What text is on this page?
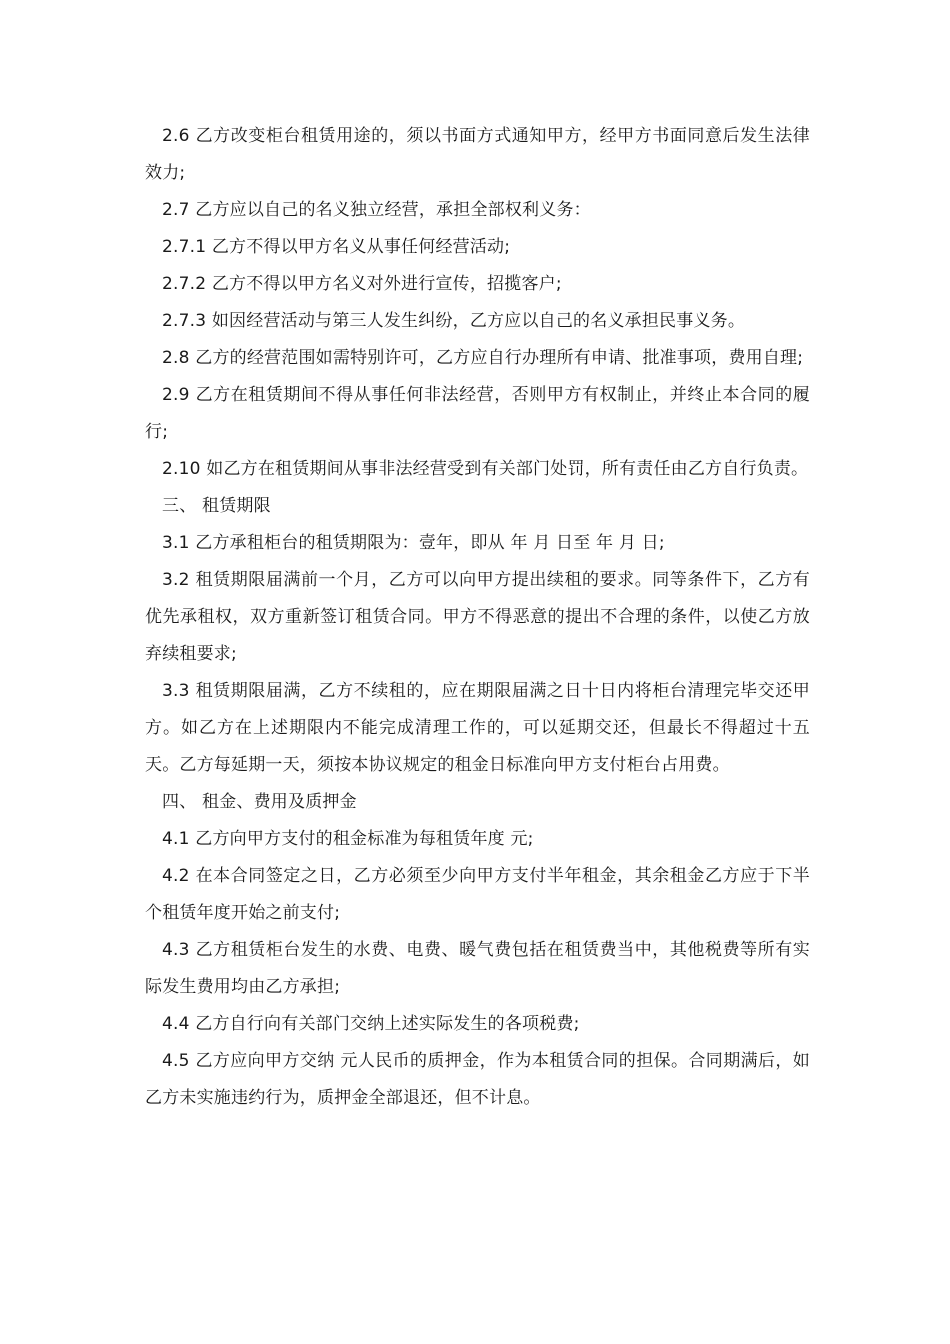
2.6 乙方改变柜台租赁用途的，须以书面方式通知甲方，经甲方书面同意后发生法律效力;

2.7 乙方应以自己的名义独立经营，承担全部权利义务：

2.7.1 乙方不得以甲方名义从事任何经营活动;

2.7.2 乙方不得以甲方名义对外进行宣传，招揽客户;

2.7.3 如因经营活动与第三人发生纠纷，乙方应以自己的名义承担民事义务。

2.8 乙方的经营范围如需特别许可，乙方应自行办理所有申请、批准事项，费用自理;

2.9 乙方在租赁期间不得从事任何非法经营，否则甲方有权制止，并终止本合同的履行;

2.10 如乙方在租赁期间从事非法经营受到有关部门处罚，所有责任由乙方自行负责。

三、 租赁期限

3.1 乙方承租柜台的租赁期限为：壹年，即从 年 月 日至 年 月 日;

3.2 租赁期限届满前一个月，乙方可以向甲方提出续租的要求。同等条件下，乙方有优先承租权，双方重新签订租赁合同。甲方不得恶意的提出不合理的条件，以使乙方放弃续租要求;

3.3 租赁期限届满，乙方不续租的，应在期限届满之日十日内将柜台清理完毕交还甲方。如乙方在上述期限内不能完成清理工作的，可以延期交还，但最长不得超过十五天。乙方每延期一天，须按本协议规定的租金日标准向甲方支付柜台占用费。

四、 租金、费用及质押金

4.1 乙方向甲方支付的租金标准为每租赁年度 元;

4.2 在本合同签定之日，乙方必须至少向甲方支付半年租金，其余租金乙方应于下半个租赁年度开始之前支付;

4.3 乙方租赁柜台发生的水费、电费、暖气费包括在租赁费当中，其他税费等所有实际发生费用均由乙方承担;

4.4 乙方自行向有关部门交纳上述实际发生的各项税费;

4.5 乙方应向甲方交纳 元人民币的质押金，作为本租赁合同的担保。合同期满后，如乙方未实施违约行为，质押金全部退还，但不计息。
